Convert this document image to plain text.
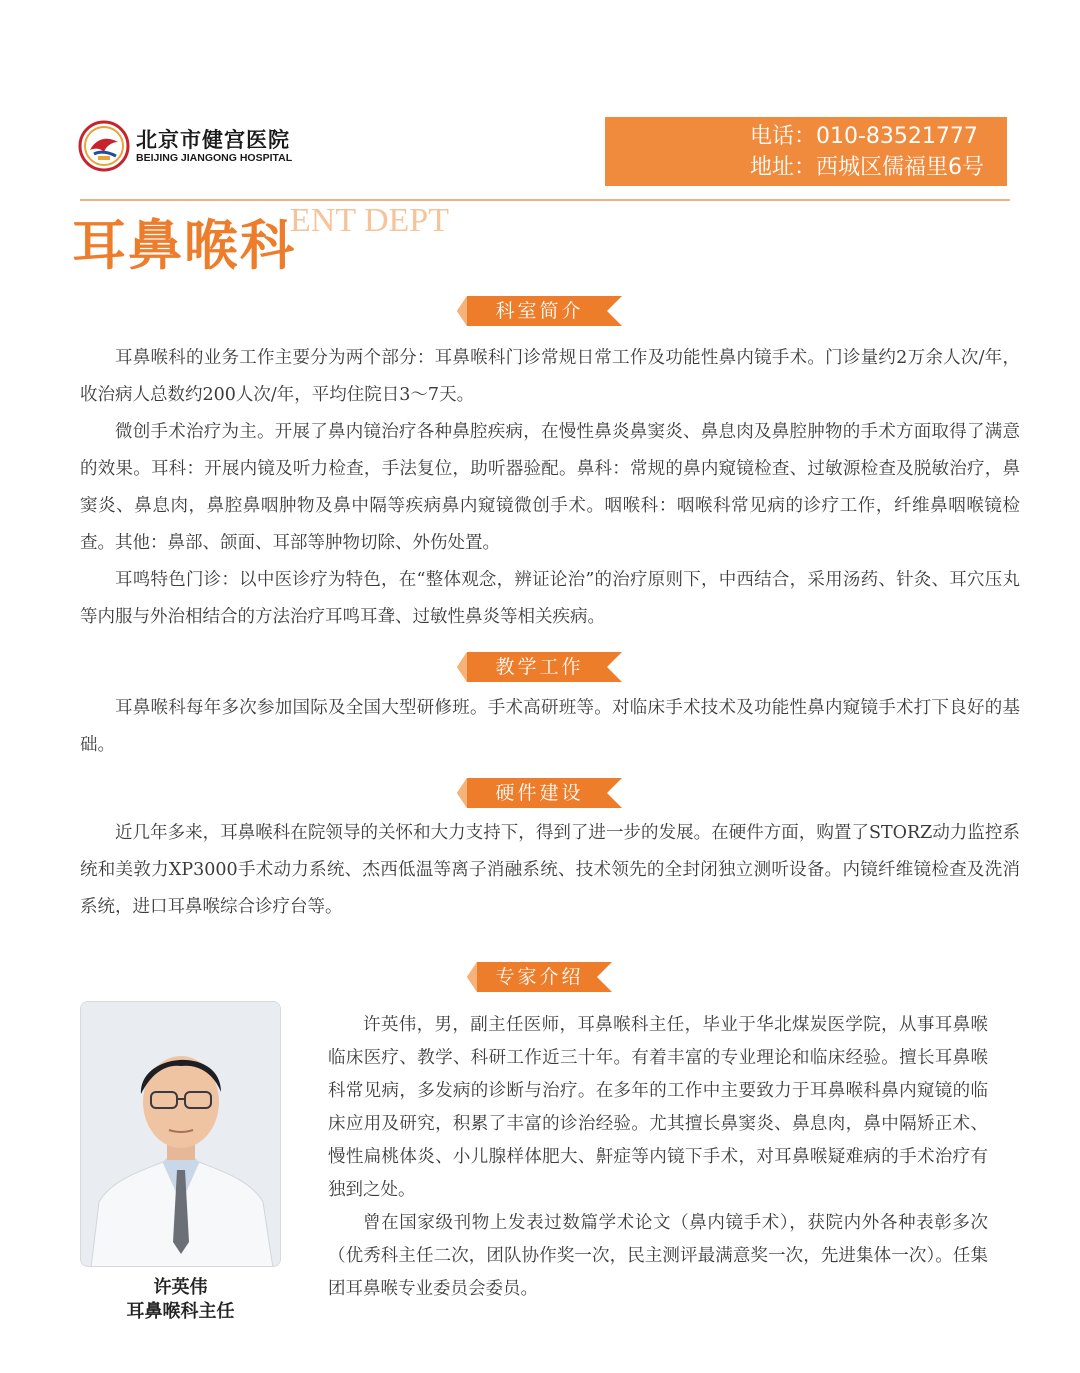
北京市健宫医院
BEIJING JIANGONG HOSPITAL
电话：010-83521777
地址：西城区儒福里6号
耳鼻喉科
ENT DEPT
科室简介

耳鼻喉科的业务工作主要分为两个部分：耳鼻喉科门诊常规日常工作及功能性鼻内镜手术。门诊量约2万余人次/年，收治病人总数约200人次/年，平均住院日3～7天。

微创手术治疗为主。开展了鼻内镜治疗各种鼻腔疾病，在慢性鼻炎鼻窦炎、鼻息肉及鼻腔肿物的手术方面取得了满意的效果。耳科：开展内镜及听力检查，手法复位，助听器验配。鼻科：常规的鼻内窥镜检查、过敏源检查及脱敏治疗，鼻窦炎、鼻息肉，鼻腔鼻咽肿物及鼻中隔等疾病鼻内窥镜微创手术。咽喉科：咽喉科常见病的诊疗工作，纤维鼻咽喉镜检查。其他：鼻部、颌面、耳部等肿物切除、外伤处置。

耳鸣特色门诊：以中医诊疗为特色，在“整体观念，辨证论治”的治疗原则下，中西结合，采用汤药、针灸、耳穴压丸等内服与外治相结合的方法治疗耳鸣耳聋、过敏性鼻炎等相关疾病。

教学工作

耳鼻喉科每年多次参加国际及全国大型研修班。手术高研班等。对临床手术技术及功能性鼻内窥镜手术打下良好的基础。

硬件建设

近几年多来，耳鼻喉科在院领导的关怀和大力支持下，得到了进一步的发展。在硬件方面，购置了STORZ动力监控系统和美敦力XP3000手术动力系统、杰西低温等离子消融系统、技术领先的全封闭独立测听设备。内镜纤维镜检查及洗消系统，进口耳鼻喉综合诊疗台等。

专家介绍
许英伟
耳鼻喉科主任

许英伟，男，副主任医师，耳鼻喉科主任，毕业于华北煤炭医学院，从事耳鼻喉临床医疗、教学、科研工作近三十年。有着丰富的专业理论和临床经验。擅长耳鼻喉科常见病，多发病的诊断与治疗。在多年的工作中主要致力于耳鼻喉科鼻内窥镜的临床应用及研究，积累了丰富的诊治经验。尤其擅长鼻窦炎、鼻息肉，鼻中隔矫正术、慢性扁桃体炎、小儿腺样体肥大、鼾症等内镜下手术，对耳鼻喉疑难病的手术治疗有独到之处。

曾在国家级刊物上发表过数篇学术论文（鼻内镜手术），获院内外各种表彰多次（优秀科主任二次，团队协作奖一次，民主测评最满意奖一次，先进集体一次）。任集团耳鼻喉专业委员会委员。
